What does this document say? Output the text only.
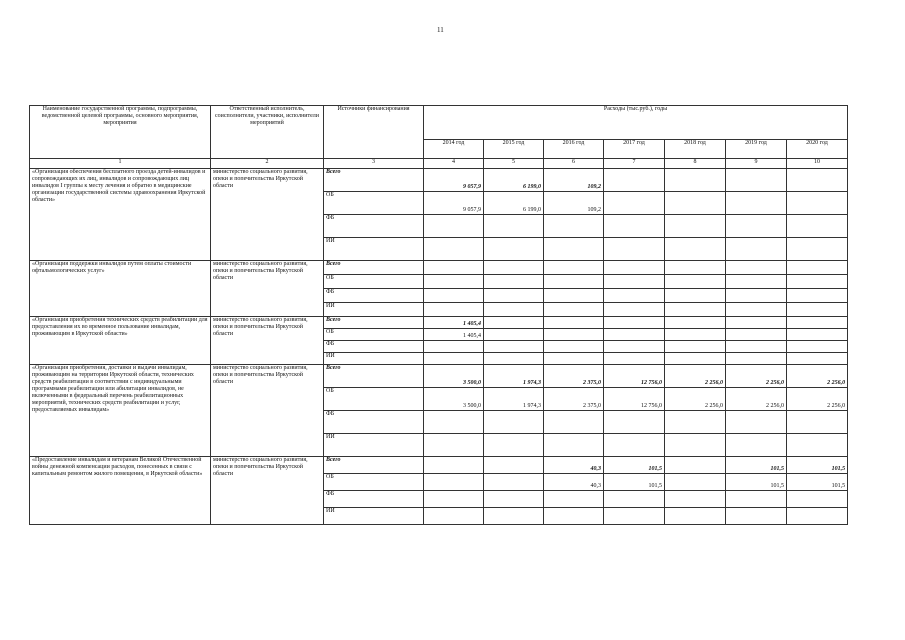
11
Наименование государственной программы, подпрограммы, ведомственной целевой программы, основного мероприятия, мероприятия	Ответственный исполнитель, соисполнители, участники, исполнители мероприятий	Источники финансирования	Расходы (тыс.руб.), годы						
			2014 год	2015 год	2016 год	2017 год	2018 год	2019 год	2020 год
1	2	3	4	5	6	7	8	9	10
«Организация обеспечения бесплатного проезда детей-инвалидов и сопровождающих их лиц, инвалидов и сопровождающих лиц инвалидов I группы к месту лечения и обратно в медицинские организации государственной системы здравоохранения Иркутской области»	министерство социального развития, опеки и попечительства Иркутской области	Всего	9 057,9	6 199,0	109,2				
		ОБ	9 057,9	6 199,0	109,2				
		ФБ							
		ИИ							
«Организация поддержки инвалидов путем оплаты стоимости офтальмологических услуг»	министерство социального развития, опеки и попечительства Иркутской области	Всего							
		ОБ							
		ФБ							
		ИИ							
«Организация приобретения технических средств реабилитации для предоставления их во временное пользование инвалидам, проживающим в Иркутской области»	министерство социального развития, опеки и попечительства Иркутской области	Всего	1 405,4						
		ОБ	1 405,4						
		ФБ							
		ИИ							
«Организация приобретения, доставки и выдачи инвалидам, проживающим на территории Иркутской области, технических средств реабилитации в соответствии с индивидуальными программами реабилитации или абилитации инвалидов, не включенными в федеральный перечень реабилитационных мероприятий, технических средств реабилитации и услуг, предоставляемых инвалидам»	министерство социального развития, опеки и попечительства Иркутской области	Всего	3 500,0	1 974,3	2 375,0	12 756,0	2 256,0	2 256,0	2 256,0
		ОБ	3 500,0	1 974,3	2 375,0	12 756,0	2 256,0	2 256,0	2 256,0
		ФБ							
		ИИ							
«Предоставление инвалидам и ветеранам Великой Отечественной войны денежной компенсации расходов, понесенных в связи с капитальным ремонтом жилого помещения, в Иркутской области»	министерство социального развития, опеки и попечительства Иркутской области	Всего			40,3	101,5		101,5	101,5
		ОБ			40,3	101,5		101,5	101,5
		ФБ							
		ИИ							
